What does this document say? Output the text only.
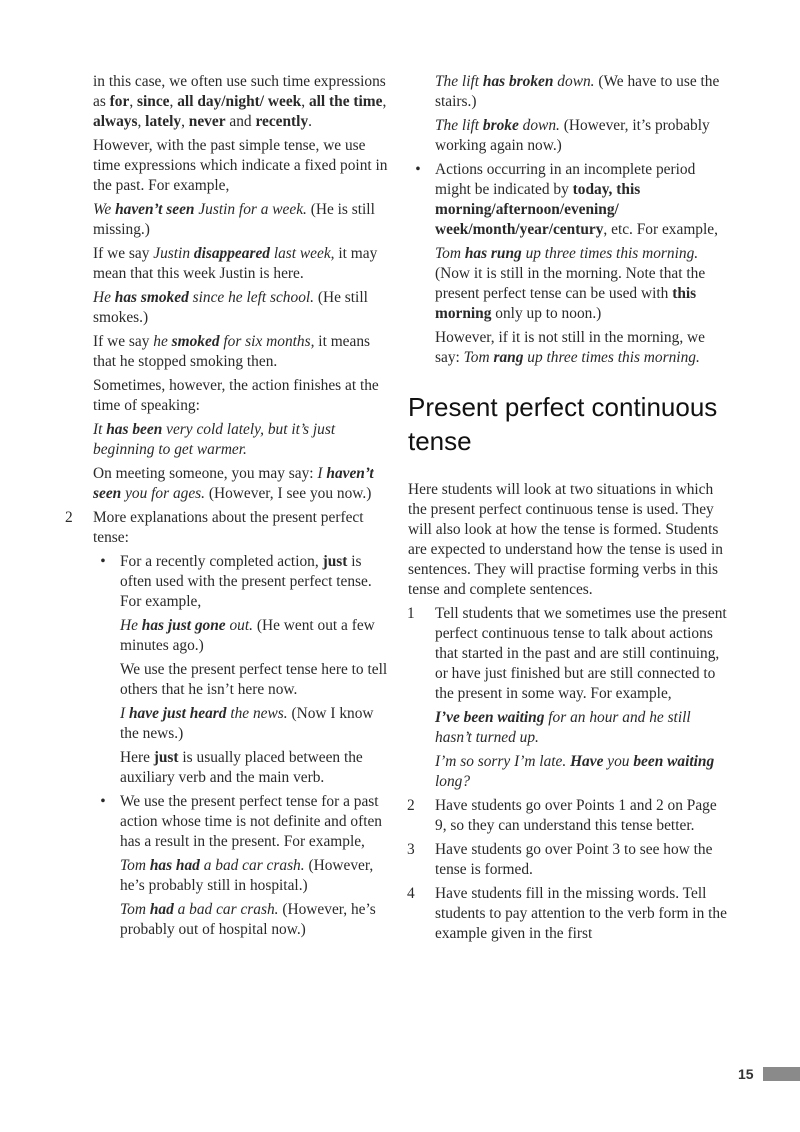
in this case, we often use such time expressions as for, since, all day/night/ week, all the time, always, lately, never and recently.

However, with the past simple tense, we use time expressions which indicate a fixed point in the past. For example,

We haven’t seen Justin for a week. (He is still missing.)

If we say Justin disappeared last week, it may mean that this week Justin is here.

He has smoked since he left school. (He still smokes.)

If we say he smoked for six months, it means that he stopped smoking then.

Sometimes, however, the action finishes at the time of speaking:

It has been very cold lately, but it’s just beginning to get warmer.

On meeting someone, you may say: I haven’t seen you for ages. (However, I see you now.)

2	More explanations about the present perfect tense:

• For a recently completed action, just is often used with the present perfect tense. For example,

He has just gone out. (He went out a few minutes ago.)

We use the present perfect tense here to tell others that he isn’t here now.

I have just heard the news. (Now I know the news.)

Here just is usually placed between the auxiliary verb and the main verb.

• We use the present perfect tense for a past action whose time is not definite and often has a result in the present. For example,

Tom has had a bad car crash. (However, he’s probably still in hospital.)

Tom had a bad car crash. (However, he’s probably out of hospital now.)

The lift has broken down. (We have to use the stairs.)

The lift broke down. (However, it’s probably working again now.)

• Actions occurring in an incomplete period might be indicated by today, this morning/afternoon/evening/ week/month/year/century, etc. For example,

Tom has rung up three times this morning. (Now it is still in the morning. Note that the present perfect tense can be used with this morning only up to noon.)

However, if it is not still in the morning, we say: Tom rang up three times this morning.

Present perfect continuous tense

Here students will look at two situations in which the present perfect continuous tense is used. They will also look at how the tense is formed. Students are expected to understand how the tense is used in sentences. They will practise forming verbs in this tense and complete sentences.

1	Tell students that we sometimes use the present perfect continuous tense to talk about actions that started in the past and are still continuing, or have just finished but are still connected to the present in some way. For example,

I’ve been waiting for an hour and he still hasn’t turned up.

I’m so sorry I’m late. Have you been waiting long?

2	Have students go over Points 1 and 2 on Page 9, so they can understand this tense better.

3	Have students go over Point 3 to see how the tense is formed.

4	Have students fill in the missing words. Tell students to pay attention to the verb form in the example given in the first

15
